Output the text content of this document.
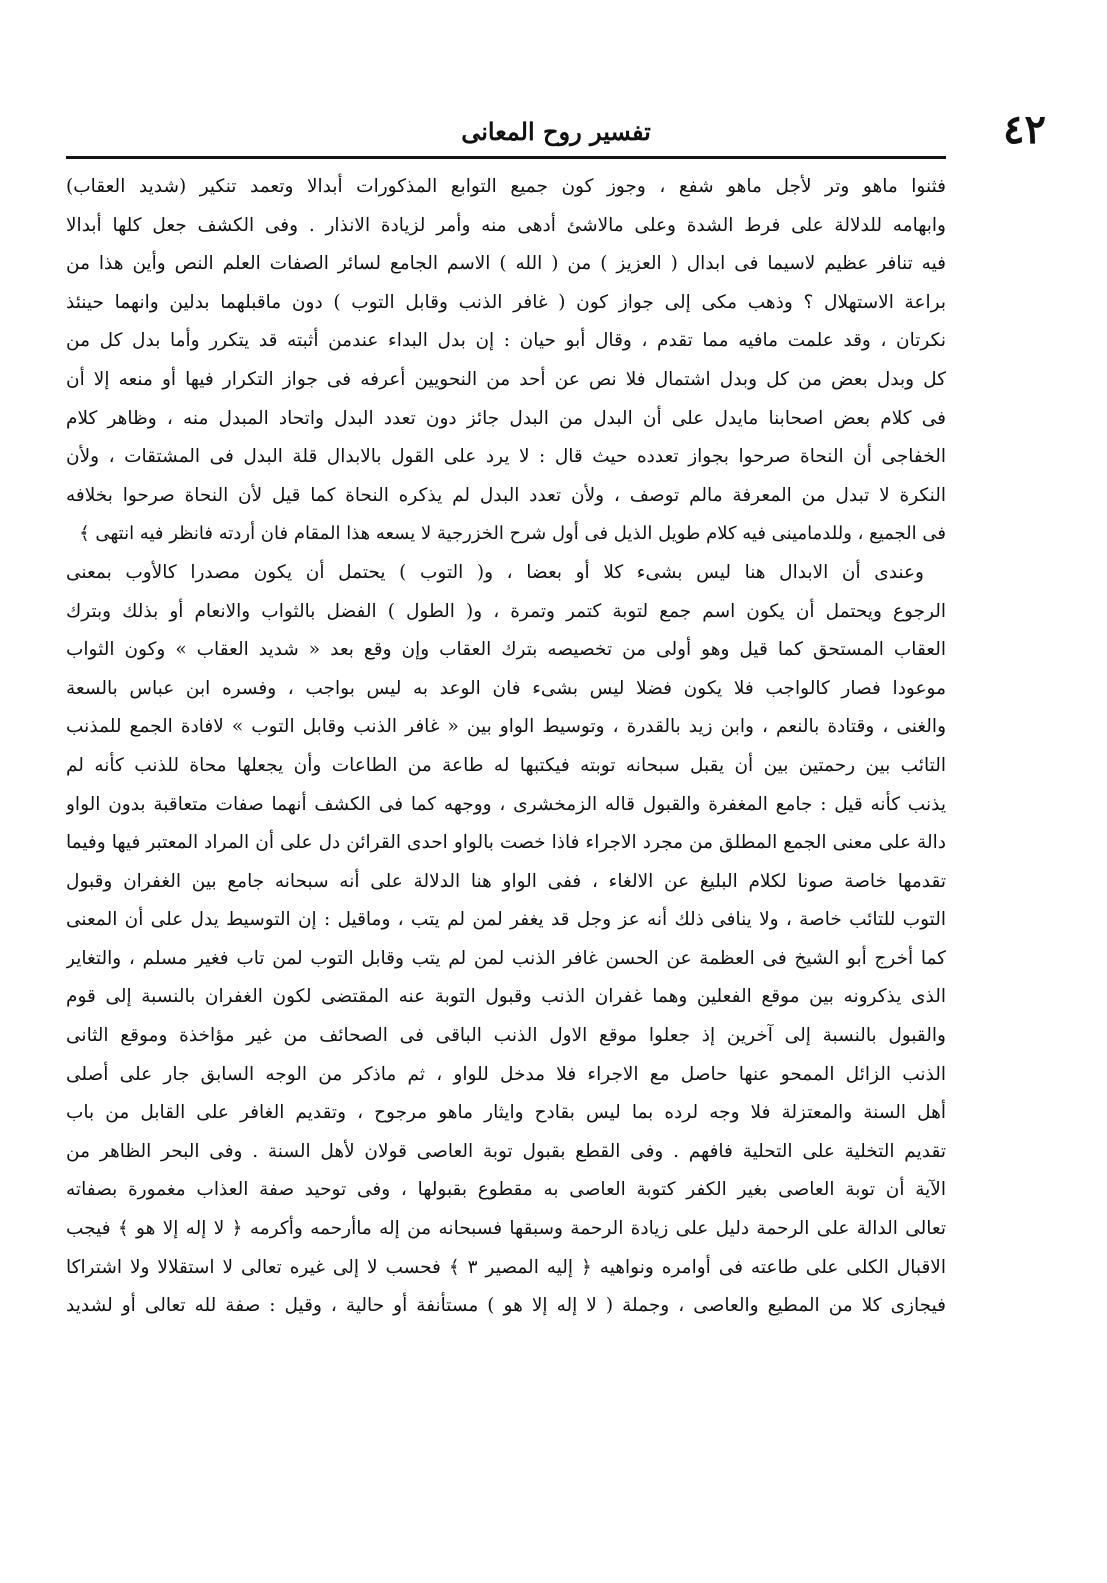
٤٢
تفسير روح المعانى
فثنوا ماهو وتر لأجل ماهو شفع ، وجوز كون جميع التوابع المذكورات أبدالا وتعمد تنكير (شديد العقاب)
وابهامه للدلالة على فرط الشدة وعلى مالاشئ أدهى منه وأمر لزيادة الانذار . وفى الكشف جعل كلها أبدالا
فيه تنافر عظيم لاسيما فى ابدال ( العزيز ) من ( الله ) الاسم الجامع لسائر الصفات العلم النص وأين هذا من
براعة الاستهلال ؟ وذهب مكى إلى جواز كون ( غافر الذنب وقابل التوب ) دون ماقبلهما بدلين وانهما حينئذ
نكرتان ، وقد علمت مافيه مما تقدم ، وقال أبو حيان : إن بدل البداء عندمن أثبته قد يتكرر وأما بدل كل من
كل وبدل بعض من كل وبدل اشتمال فلا نص عن أحد من النحويين أعرفه فى جواز التكرار فيها أو منعه إلا أن
فى كلام بعض اصحابنا مايدل على أن البدل من البدل جائز دون تعدد البدل واتحاد المبدل منه ، وظاهر كلام
الخفاجى أن النحاة صرحوا بجواز تعدده حيث قال : لا يرد على القول بالابدال قلة البدل فى المشتقات ، ولأن
النكرة لا تبدل من المعرفة مالم توصف ، ولأن تعدد البدل لم يذكره النحاة كما قيل لأن النحاة صرحوا بخلافه
فى الجميع ، وللدمامينى فيه كلام طويل الذيل فى أول شرح الخزرجية لا يسعه هذا المقام فان أردته فانظر فيه انتهى ﴾
وعندى أن الابدال هنا ليس بشىء كلا أو بعضا ، و( التوب ) يحتمل أن يكون مصدرا كالأوب بمعنى
الرجوع ويحتمل أن يكون اسم جمع لتوبة كتمر وتمرة ، و( الطول ) الفضل بالثواب والانعام أو بذلك وبترك
العقاب المستحق كما قيل وهو أولى من تخصيصه بترك العقاب وإن وقع بعد « شديد العقاب » وكون الثواب
موعودا فصار كالواجب فلا يكون فضلا ليس بشىء فان الوعد به ليس بواجب ، وفسره ابن عباس بالسعة
والغنى ، وقتادة بالنعم ، وابن زيد بالقدرة ، وتوسيط الواو بين « غافر الذنب وقابل التوب » لافادة الجمع للمذنب
التائب بين رحمتين بين أن يقبل سبحانه توبته فيكتبها له طاعة من الطاعات وأن يجعلها محاة للذنب كأنه لم
يذنب كأنه قيل : جامع المغفرة والقبول قاله الزمخشرى ، ووجهه كما فى الكشف أنهما صفات متعاقبة بدون الواو
دالة على معنى الجمع المطلق من مجرد الاجراء فاذا خصت بالواو احدى القرائن دل على أن المراد المعتبر فيها وفيما
تقدمها خاصة صونا لكلام البليغ عن الالغاء ، ففى الواو هنا الدلالة على أنه سبحانه جامع بين الغفران وقبول
التوب للتائب خاصة ، ولا ينافى ذلك أنه عز وجل قد يغفر لمن لم يتب ، وماقيل : إن التوسيط يدل على أن المعنى
كما أخرج أبو الشيخ فى العظمة عن الحسن غافر الذنب لمن لم يتب وقابل التوب لمن تاب فغير مسلم ، والتغاير
الذى يذكرونه بين موقع الفعلين وهما غفران الذنب وقبول التوبة عنه المقتضى لكون الغفران بالنسبة إلى قوم
والقبول بالنسبة إلى آخرين إذ جعلوا موقع الاول الذنب الباقى فى الصحائف من غير مؤاخذة وموقع الثانى
الذنب الزائل الممحو عنها حاصل مع الاجراء فلا مدخل للواو ، ثم ماذكر من الوجه السابق جار على أصلى
أهل السنة والمعتزلة فلا وجه لرده بما ليس بقادح وايثار ماهو مرجوح ، وتقديم الغافر على القابل من باب
تقديم التخلية على التحلية فافهم . وفى القطع بقبول توبة العاصى قولان لأهل السنة . وفى البحر الظاهر من
الآية أن توبة العاصى بغير الكفر كتوبة العاصى به مقطوع بقبولها ، وفى توحيد صفة العذاب مغمورة بصفاته
تعالى الدالة على الرحمة دليل على زيادة الرحمة وسبقها فسبحانه من إله ماأرحمه وأكرمه ﴿ لا إله إلا هو ﴾ فيجب
الاقبال الكلى على طاعته فى أوامره ونواهيه ﴿ إليه المصير ٣ ﴾ فحسب لا إلى غيره تعالى لا استقلالا ولا اشتراكا
فيجازى كلا من المطيع والعاصى ، وجملة ( لا إله إلا هو ) مستأنفة أو حالية ، وقيل : صفة لله تعالى أو لشديد
